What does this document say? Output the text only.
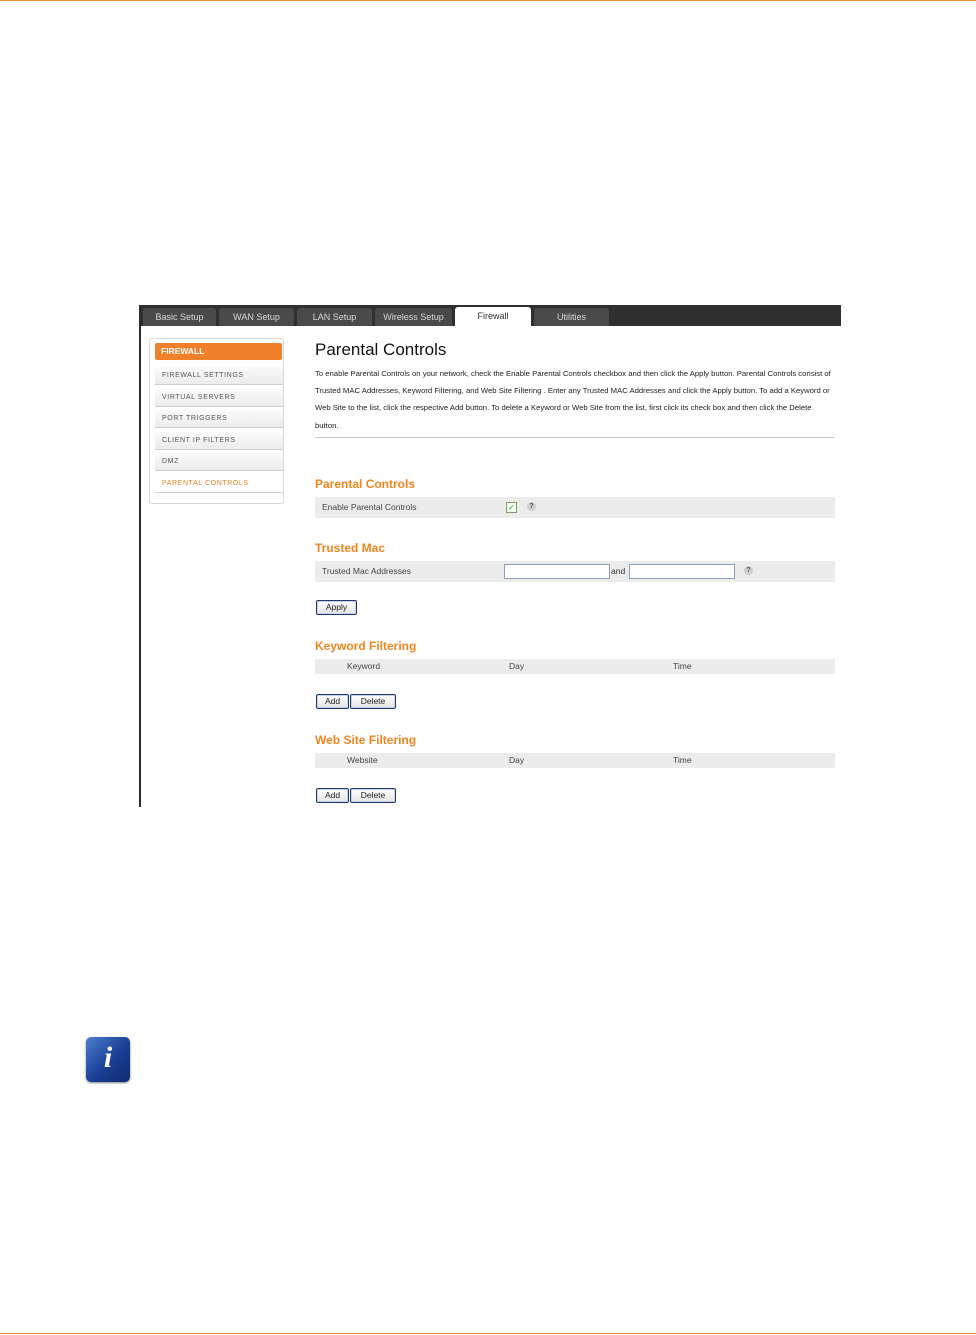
Basic Setup	WAN Setup	LAN Setup	Wireless Setup	Firewall	Utilities
FIREWALL
FIREWALL SETTINGS
VIRTUAL SERVERS
PORT TRIGGERS
CLIENT IP FILTERS
DMZ
PARENTAL CONTROLS
Parental Controls
To enable Parental Controls on your network, check the Enable Parental Controls checkbox and then click the Apply button. Parental Controls consist of Trusted MAC Addresses, Keyword Filtering, and Web Site Filtering . Enter any Trusted MAC Addresses and click the Apply button. To add a Keyword or Web Site to the list, click the respective Add button. To delete a Keyword or Web Site from the list, first click its check box and then click the Delete button.
Parental Controls
Enable Parental Controls	✓	?
Trusted Mac
Trusted Mac Addresses	and	?
Apply
Keyword Filtering
Keyword	Day	Time
Add	Delete
Web Site Filtering
Website	Day	Time
Add	Delete
i
